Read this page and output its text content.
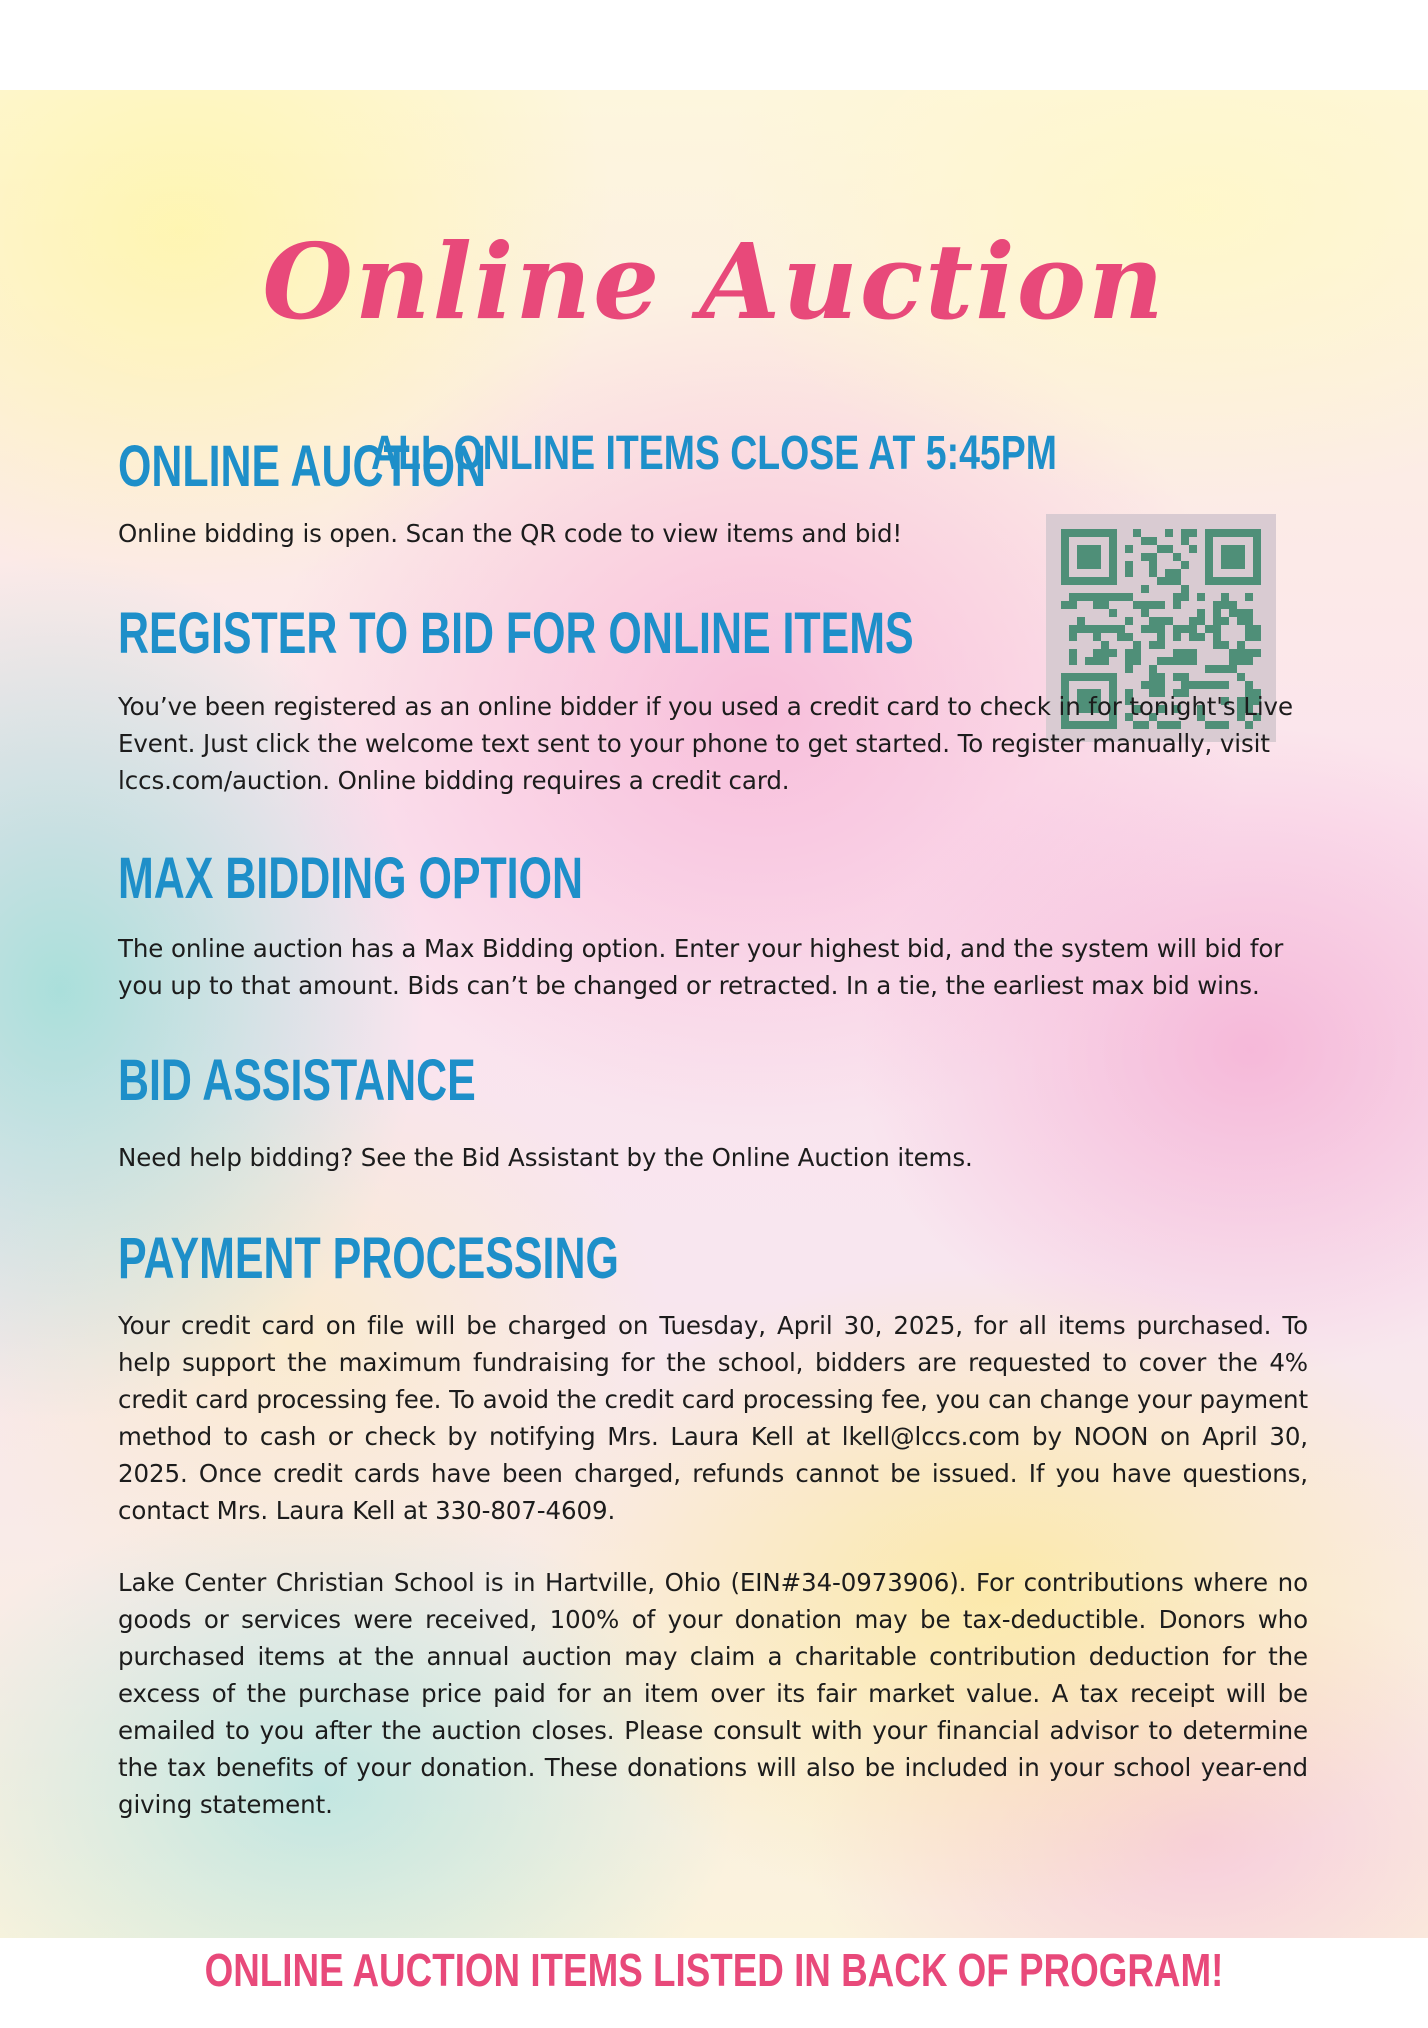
Online Auction
ALL ONLINE ITEMS CLOSE AT 5:45PM
ONLINE AUCTION
Online bidding is open. Scan the QR code to view items and bid!
REGISTER TO BID FOR ONLINE ITEMS
You’ve been registered as an online bidder if you used a credit card to check in for tonight's Live Event. Just click the welcome text sent to your phone to get started. To register manually, visit lccs.com/auction. Online bidding requires a credit card.
MAX BIDDING OPTION
The online auction has a Max Bidding option. Enter your highest bid, and the system will bid for you up to that amount. Bids can’t be changed or retracted. In a tie, the earliest max bid wins.
BID ASSISTANCE
Need help bidding? See the Bid Assistant by the Online Auction items.
PAYMENT PROCESSING
Your credit card on file will be charged on Tuesday, April 30, 2025, for all items purchased. To help support the maximum fundraising for the school, bidders are requested to cover the 4% credit card processing fee. To avoid the credit card processing fee, you can change your payment method to cash or check by notifying Mrs. Laura Kell at lkell@lccs.com by NOON on April 30, 2025. Once credit cards have been charged, refunds cannot be issued. If you have questions, contact Mrs. Laura Kell at 330-807-4609.
Lake Center Christian School is in Hartville, Ohio (EIN#34-0973906). For contributions where no goods or services were received, 100% of your donation may be tax-deductible. Donors who purchased items at the annual auction may claim a charitable contribution deduction for the excess of the purchase price paid for an item over its fair market value. A tax receipt will be emailed to you after the auction closes. Please consult with your financial advisor to determine the tax benefits of your donation. These donations will also be included in your school year-end giving statement.
ONLINE AUCTION ITEMS LISTED IN BACK OF PROGRAM!
